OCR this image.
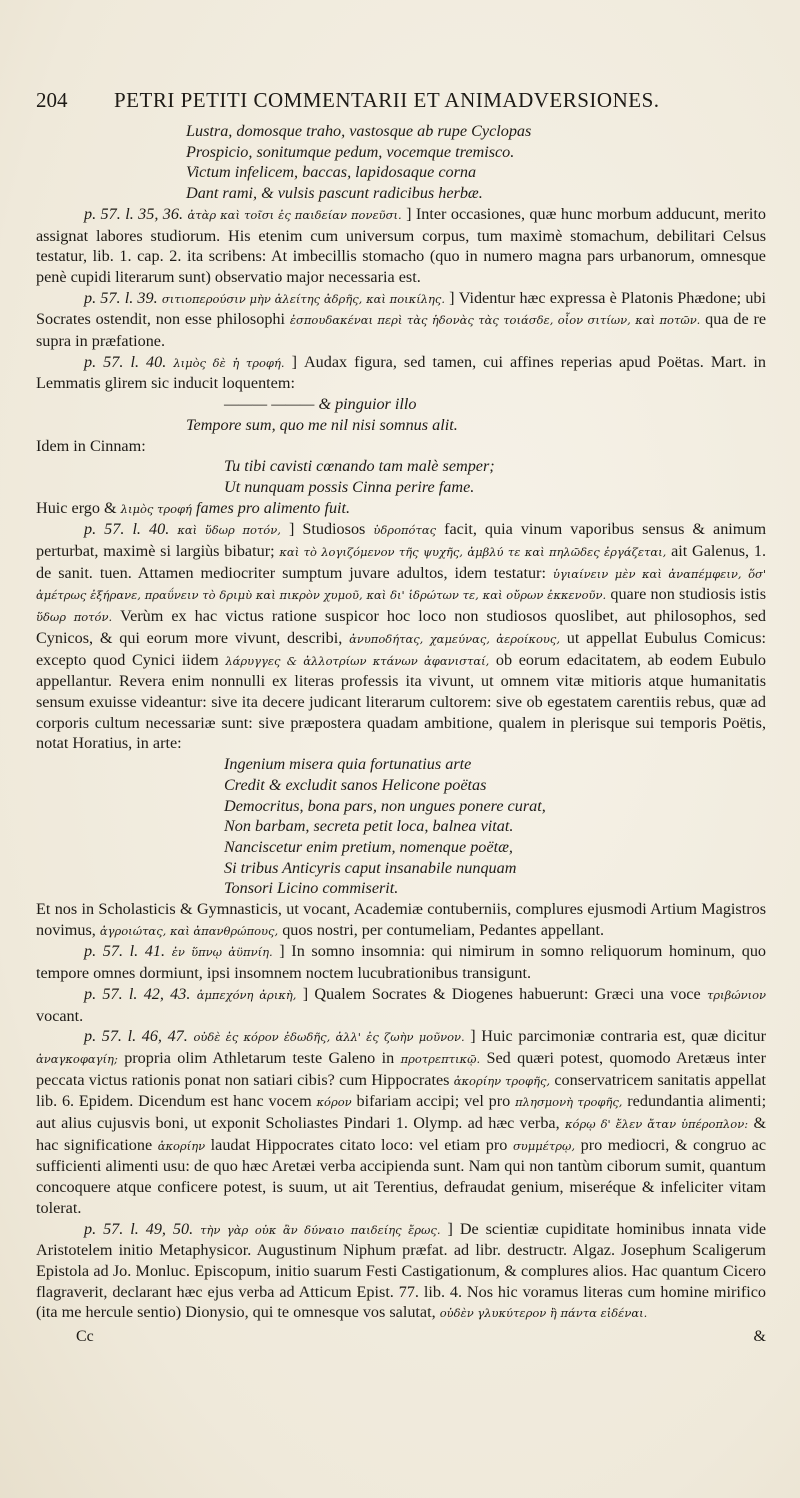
204	PETRI PETITI COMMENTARII ET ANIMADVERSIONES.

Lustra, domosque traho, vastosque ab rupe Cyclopas

Prospicio, sonitumque pedum, vocemque tremisco.

Victum infelicem, baccas, lapidosaque corna

Dant rami, & vulsis pascunt radicibus herbæ.

p. 57. l. 35, 36. ἀτὰρ καὶ τοῖσι ἐς παιδείαν πονεῦσι. ] Inter occasiones, quæ hunc morbum adducunt, merito assignat labores studiorum. His etenim cum universum corpus, tum maximè stomachum, debilitari Celsus testatur, lib. 1. cap. 2. ita scribens: At imbecillis stomacho (quo in numero magna pars urbanorum, omnesque penè cupidi literarum sunt) observatio major necessaria est.

p. 57. l. 39. σιτιοπερούσιν μὴν ἀλείτης ἀδρῆς, καὶ ποικίλης. ] Videntur hæc expressa è Platonis Phædone; ubi Socrates ostendit, non esse philosophi ἐσπουδακέναι περὶ τὰς ἡδονὰς τὰς τοιάσδε, οἷον σιτίων, καὶ ποτῶν. qua de re supra in præfatione.

p. 57. l. 40. λιμὸς δὲ ἡ τροφή. ] Audax figura, sed tamen, cui affines reperias apud Poëtas. Mart. in Lemmatis glirem sic inducit loquentem:

——— ——— & pinguior illo

Tempore sum, quo me nil nisi somnus alit.

Idem in Cinnam:

Tu tibi cavisti cœnando tam malè semper;

Ut nunquam possis Cinna perire fame.

Huic ergo & λιμὸς τροφή fames pro alimento fuit.

p. 57. l. 40. καὶ ὕδωρ ποτόν, ] Studiosos ὑδροπότας facit, quia vinum vaporibus sensus & animum perturbat, maximè si largiùs bibatur; καὶ τὸ λογιζόμενον τῆς ψυχῆς, ἀμβλύ τε καὶ πηλῶδες ἐργάζεται, ait Galenus, 1. de sanit. tuen. Attamen mediocriter sumptum juvare adultos, idem testatur: ὑγιαίνειν μὲν καὶ ἀναπέμφειν, ὅσ' ἀμέτρως ἐξήρανε, πραΰνειν τὸ δριμὺ καὶ πικρὸν χυμοῦ, καὶ δι' ἱδρώτων τε, καὶ οὔρων ἐκκενοῦν. quare non studiosis istis ὕδωρ ποτόν. Verùm ex hac victus ratione suspicor hoc loco non studiosos quoslibet, aut philosophos, sed Cynicos, & qui eorum more vivunt, describi, ἀνυποδήτας, χαμεύνας, ἀεροίκους, ut appellat Eubulus Comicus: excepto quod Cynici iidem λάρυγγες & ἀλλοτρίων κτάνων ἀφανισταί, ob eorum edacitatem, ab eodem Eubulo appellantur. Revera enim nonnulli ex literas professis ita vivunt, ut omnem vitæ mitioris atque humanitatis sensum exuisse videantur: sive ita decere judicant literarum cultorem: sive ob egestatem carentiis rebus, quæ ad corporis cultum necessariæ sunt: sive præpostera quadam ambitione, qualem in plerisque sui temporis Poëtis, notat Horatius, in arte:

Ingenium misera quia fortunatius arte

Credit & excludit sanos Helicone poëtas

Democritus, bona pars, non ungues ponere curat,

Non barbam, secreta petit loca, balnea vitat.

Nanciscetur enim pretium, nomenque poëtæ,

Si tribus Anticyris caput insanabile nunquam

Tonsori Licino commiserit.

Et nos in Scholasticis & Gymnasticis, ut vocant, Academiæ contuberniis, complures ejusmodi Artium Magistros novimus, ἀγροιώτας, καὶ ἀπανθρώπους, quos nostri, per contumeliam, Pedantes appellant.

p. 57. l. 41. ἐν ὕπνῳ ἀϋπνίη. ] In somno insomnia: qui nimirum in somno reliquorum hominum, quo tempore omnes dormiunt, ipsi insomnem noctem lucubrationibus transigunt.

p. 57. l. 42, 43. ἀμπεχόνη ἀρικὴ, ] Qualem Socrates & Diogenes habuerunt: Græci una voce τριβώνιον vocant.

p. 57. l. 46, 47. οὐδὲ ἐς κόρον ἐδωδῆς, ἀλλ' ἐς ζωὴν μοῦνον. ] Huic parcimoniæ contraria est, quæ dicitur ἀναγκοφαγίη; propria olim Athletarum teste Galeno in προτρεπτικῷ. Sed quæri potest, quomodo Aretæus inter peccata victus rationis ponat non satiari cibis? cum Hippocrates ἀκορίην τροφῆς, conservatricem sanitatis appellat lib. 6. Epidem. Dicendum est hanc vocem κόρον bifariam accipi; vel pro πλησμονὴ τροφῆς, redundantia alimenti; aut alius cujusvis boni, ut exponit Scholiastes Pindari 1. Olymp. ad hæc verba, κόρῳ δ' ἔλεν ἄταν ὑπέροπλον: & hac significatione ἀκορίην laudat Hippocrates citato loco: vel etiam pro συμμέτρῳ, pro mediocri, & congruo ac sufficienti alimenti usu: de quo hæc Aretæi verba accipienda sunt. Nam qui non tantùm ciborum sumit, quantum concoquere atque conficere potest, is suum, ut ait Terentius, defraudat genium, miseréque & infeliciter vitam tolerat.

p. 57. l. 49, 50. τὴν γὰρ οὐκ ἂν δύναιο παιδείης ἔρως. ] De scientiæ cupiditate hominibus innata vide Aristotelem initio Metaphysicor. Augustinum Niphum præfat. ad libr. destructr. Algaz. Josephum Scaligerum Epistola ad Jo. Monluc. Episcopum, initio suarum Festi Castigationum, & complures alios. Hac quantum Cicero flagraverit, declarant hæc ejus verba ad Atticum Epist. 77. lib. 4. Nos hic voramus literas cum homine mirifico (ita me hercule sentio) Dionysio, qui te omnesque vos salutat, οὐδὲν γλυκύτερον ἢ πάντα εἰδέναι.

Cc	&
